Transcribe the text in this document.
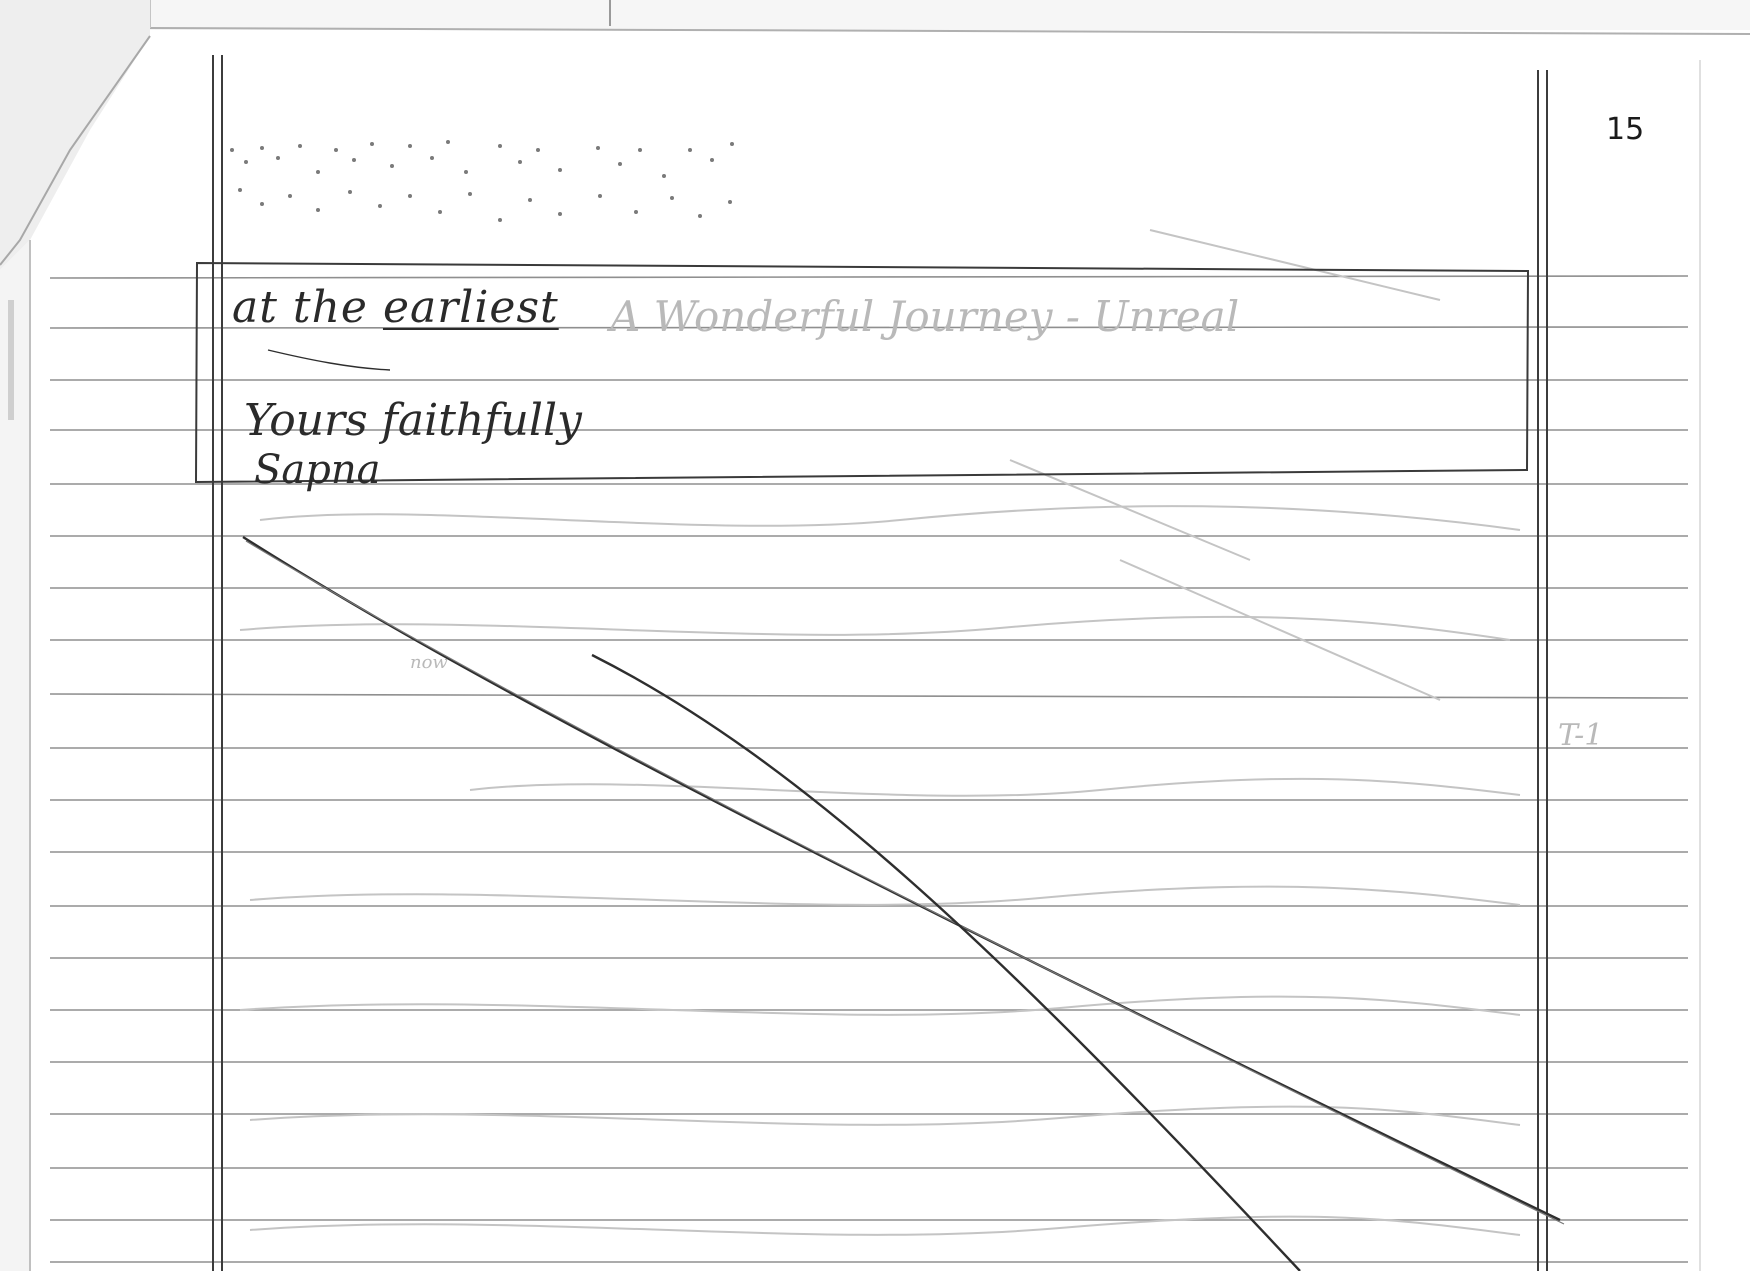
A Wonderful Journey - Unreal
T-1
now
15
at the earliest
Yours faithfully
Sapna
